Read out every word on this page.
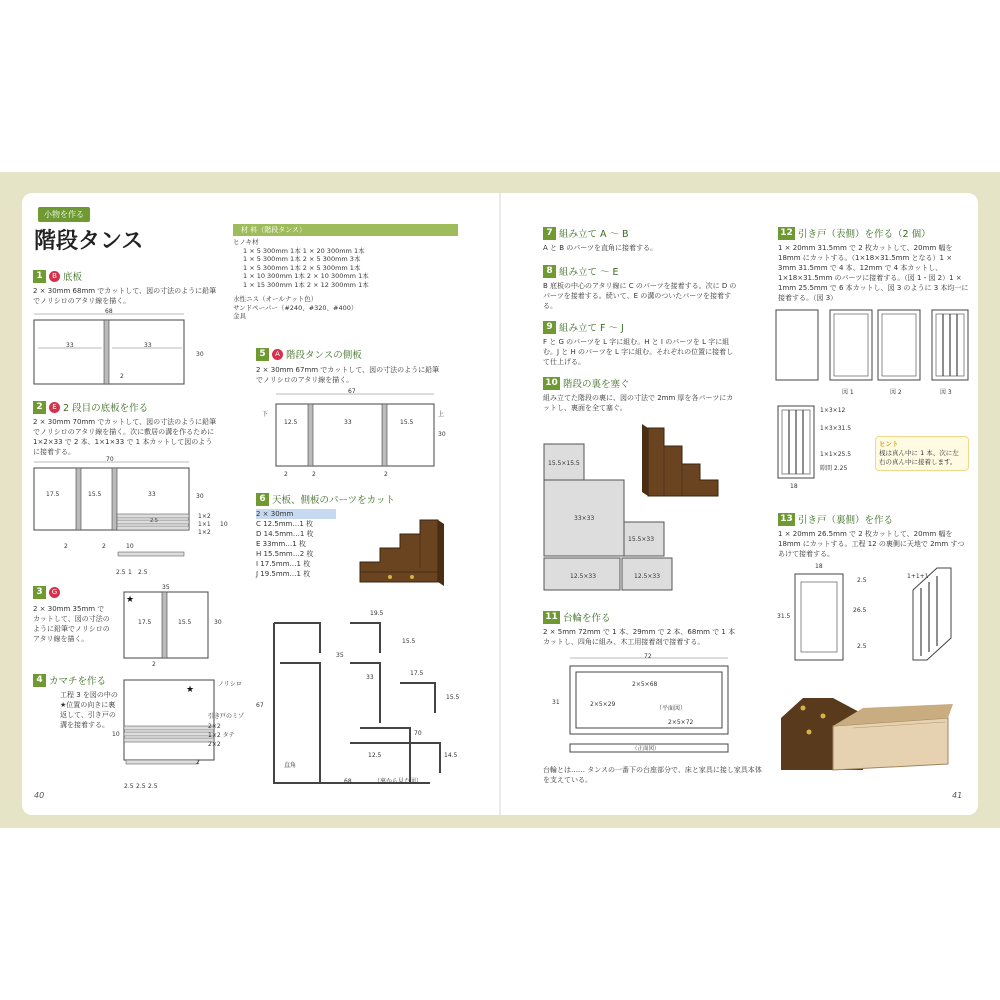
小物を作る
階段タンス	材 料（階段タンス）
ヒノキ材
1 × 5 300mm 1本 1 × 20 300mm 1本
1 × 5 300mm 1本 2 × 5 300mm 3本
1 × 5 300mm 1本 2 × 5 300mm 1本
1 × 10 300mm 1本 2 × 10 300mm 1本
1 × 15 300mm 1本 2 × 12 300mm 1本
水性ニス（オールナット色）
サンドペーパー（#240、#320、#400）
金具
1	B 底板
2 × 30mm 68mm でカットして、図の寸法のように鉛筆でノリシロのアタリ線を描く。
68
33	33
2
30
2	E 2 段目の底板を作る
2 × 30mm 70mm でカットして、図の寸法のように鉛筆でノリシロのアタリ線を描く。次に敷居の溝を作るために 1×2×33 で 2 本、1×1×33 で 1 本カットして図のように接着する。
70
17.5	15.5	33
2.5
1×2
1×1
1×2
10
2	2
30
10
2.5 1 2.5
3	G
2 × 30mm 35mm でカットして、図の寸法のように鉛筆でノリシロのアタリ線を描く。
★
35
17.5	15.5
2
30
4 カマチを作る
工程 3 を図の中の★位置の向きに裏返して、引き戸の溝を接着する。
★
ノリシロ
引き戸のミゾ
2×2
1×2 タテ
2×2
10
2
2.5 2.5 2.5
5	A 階段タンスの側板
2 × 30mm 67mm でカットして、図の寸法のように鉛筆でノリシロのアタリ線を描く。
67
下	上
12.5	33	15.5
30
2	2	2
6 天板、側板のパーツをカット
2 × 30mm
C 12.5mm…1 枚
D 14.5mm…1 枚
E 33mm…1 枚
H 15.5mm…2 枚
I 17.5mm…1 枚
J 19.5mm…1 枚
19.5
15.5
35
17.5
33
15.5
67
70
12.5	14.5
68
直角
（裏から見た図）
40
7 組み立て A ～ B
A と B のパーツを直角に接着する。
8 組み立て ～ E
B 底板の中心のアタリ線に C のパーツを接着する。次に D のパーツを接着する。続いて、E の溝のついたパーツを接着する。
9 組み立て F ～ J
F と G のパーツを L 字に組む。H と I のパーツを L 字に組む。J と H のパーツを L 字に組む。それぞれの位置に接着して仕上げる。
10 階段の裏を塞ぐ
組み立てた階段の裏に、図の寸法で 2mm 厚を各パーツにカットし、裏面を全て塞ぐ。
15.5×15.5
33×33
15.5×33
12.5×33	12.5×33
11 台輪を作る
2 × 5mm 72mm で 1 本、29mm で 2 本、68mm で 1 本カットし、四角に組み、木工用接着剤で接着する。
72
2×5×68
2×5×29
31
（平面図）
2×5×72
（正面図）
台輪とは…… タンスの一番下の台座部分で、床と家具に接し家具本体を支えている。
41
12 引き戸（表側）を作る（2 個）
1 × 20mm 31.5mm で 2 枚カットして、20mm 幅を 18mm にカットする。（1×18×31.5mm となる）1 × 3mm 31.5mm で 4 本、12mm で 4 本カットし、1×18×31.5mm のパーツに接着する。（図 1・図 2）1 × 1mm 25.5mm で 6 本カットし、図 3 のように 3 本均一に接着する。（図 3）
図 1	図 2	図 3
1×3×12
1×3×31.5
1×1×25.5
隙間 2.25
18
ヒント
桟は真ん中に 1 本、次に左右の真ん中に接着します。
13 引き戸（裏側）を作る
1 × 20mm 26.5mm で 2 枚カットして、20mm 幅を 18mm にカットする。工程 12 の裏側に天地で 2mm すつあけて接着する。
18
2.5
31.5
26.5
2.5
1+1+1
